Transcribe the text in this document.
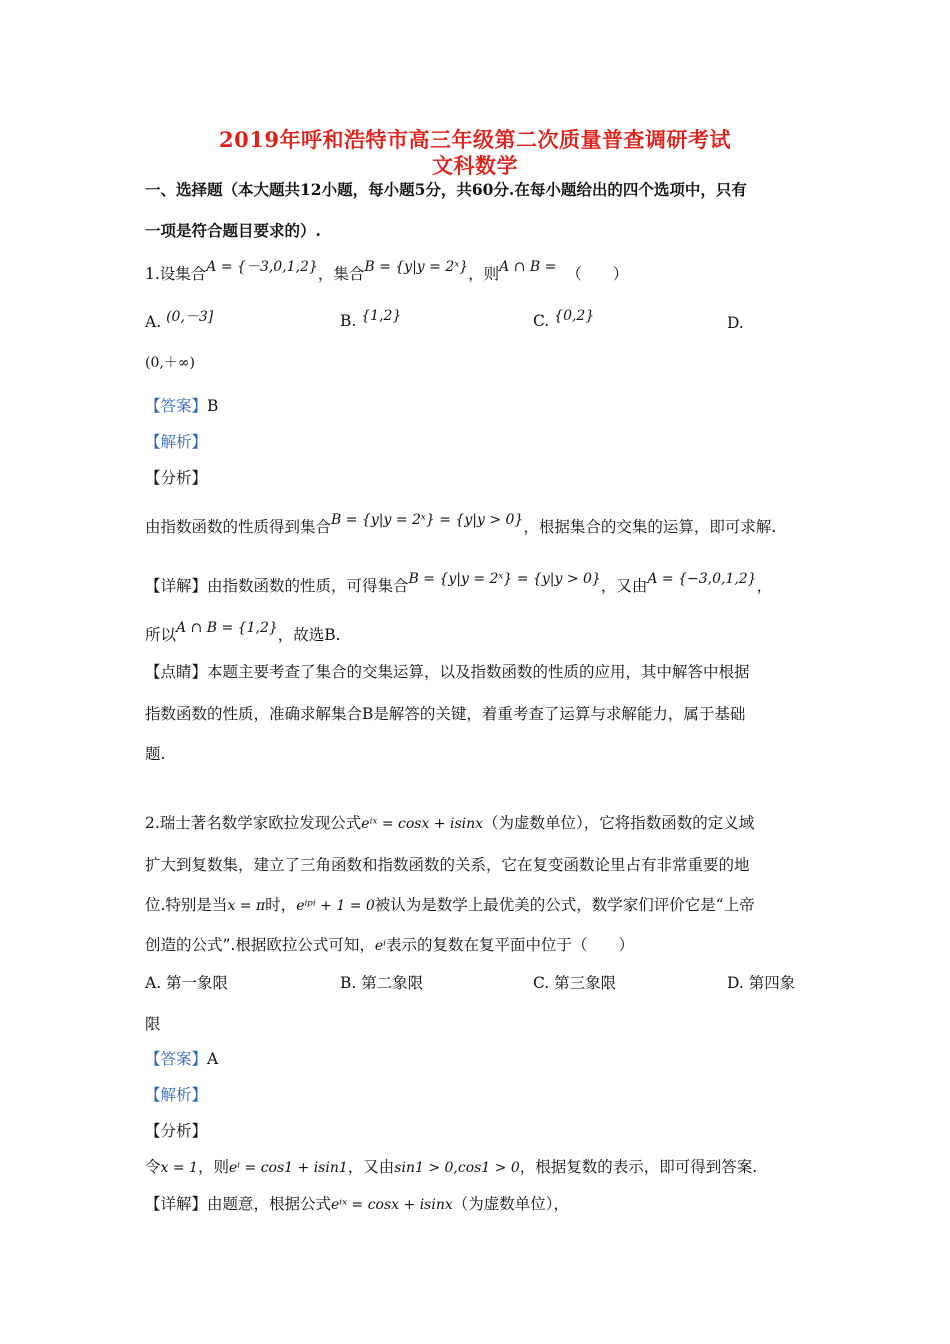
2019年呼和浩特市高三年级第二次质量普查调研考试
文科数学
一、选择题（本大题共12小题，每小题5分，共60分.在每小题给出的四个选项中，只有
一项是符合题目要求的）.
1.设集合A = {－3,0,1,2}，集合B = {y|y = 2ˣ}，则A ∩ B = （　　）
A. (0,－3]	B. {1,2}	C. {0,2}	D.
(0,＋∞)
【答案】B
【解析】
【分析】
由指数函数的性质得到集合B = {y|y = 2ˣ} = {y|y > 0}，根据集合的交集的运算，即可求解.
【详解】由指数函数的性质，可得集合B = {y|y = 2ˣ} = {y|y > 0}，又由A = {−3,0,1,2}，
所以A ∩ B = {1,2}，故选B.
【点睛】本题主要考查了集合的交集运算，以及指数函数的性质的应用，其中解答中根据
指数函数的性质，准确求解集合B是解答的关键，着重考查了运算与求解能力，属于基础
题.
2.瑞士著名数学家欧拉发现公式eⁱˣ = cosx + isinx（为虚数单位），它将指数函数的定义域
扩大到复数集，建立了三角函数和指数函数的关系，它在复变函数论里占有非常重要的地
位.特别是当x = π时，eⁱᵖⁱ + 1 = 0被认为是数学上最优美的公式，数学家们评价它是“上帝
创造的公式”.根据欧拉公式可知，eⁱ表示的复数在复平面中位于（　　）
A. 第一象限	B. 第二象限	C. 第三象限	D. 第四象
限
【答案】A
【解析】
【分析】
令x = 1，则eⁱ = cos1 + isin1，又由sin1 > 0,cos1 > 0，根据复数的表示，即可得到答案.
【详解】由题意，根据公式eⁱˣ = cosx + isinx（为虚数单位），
